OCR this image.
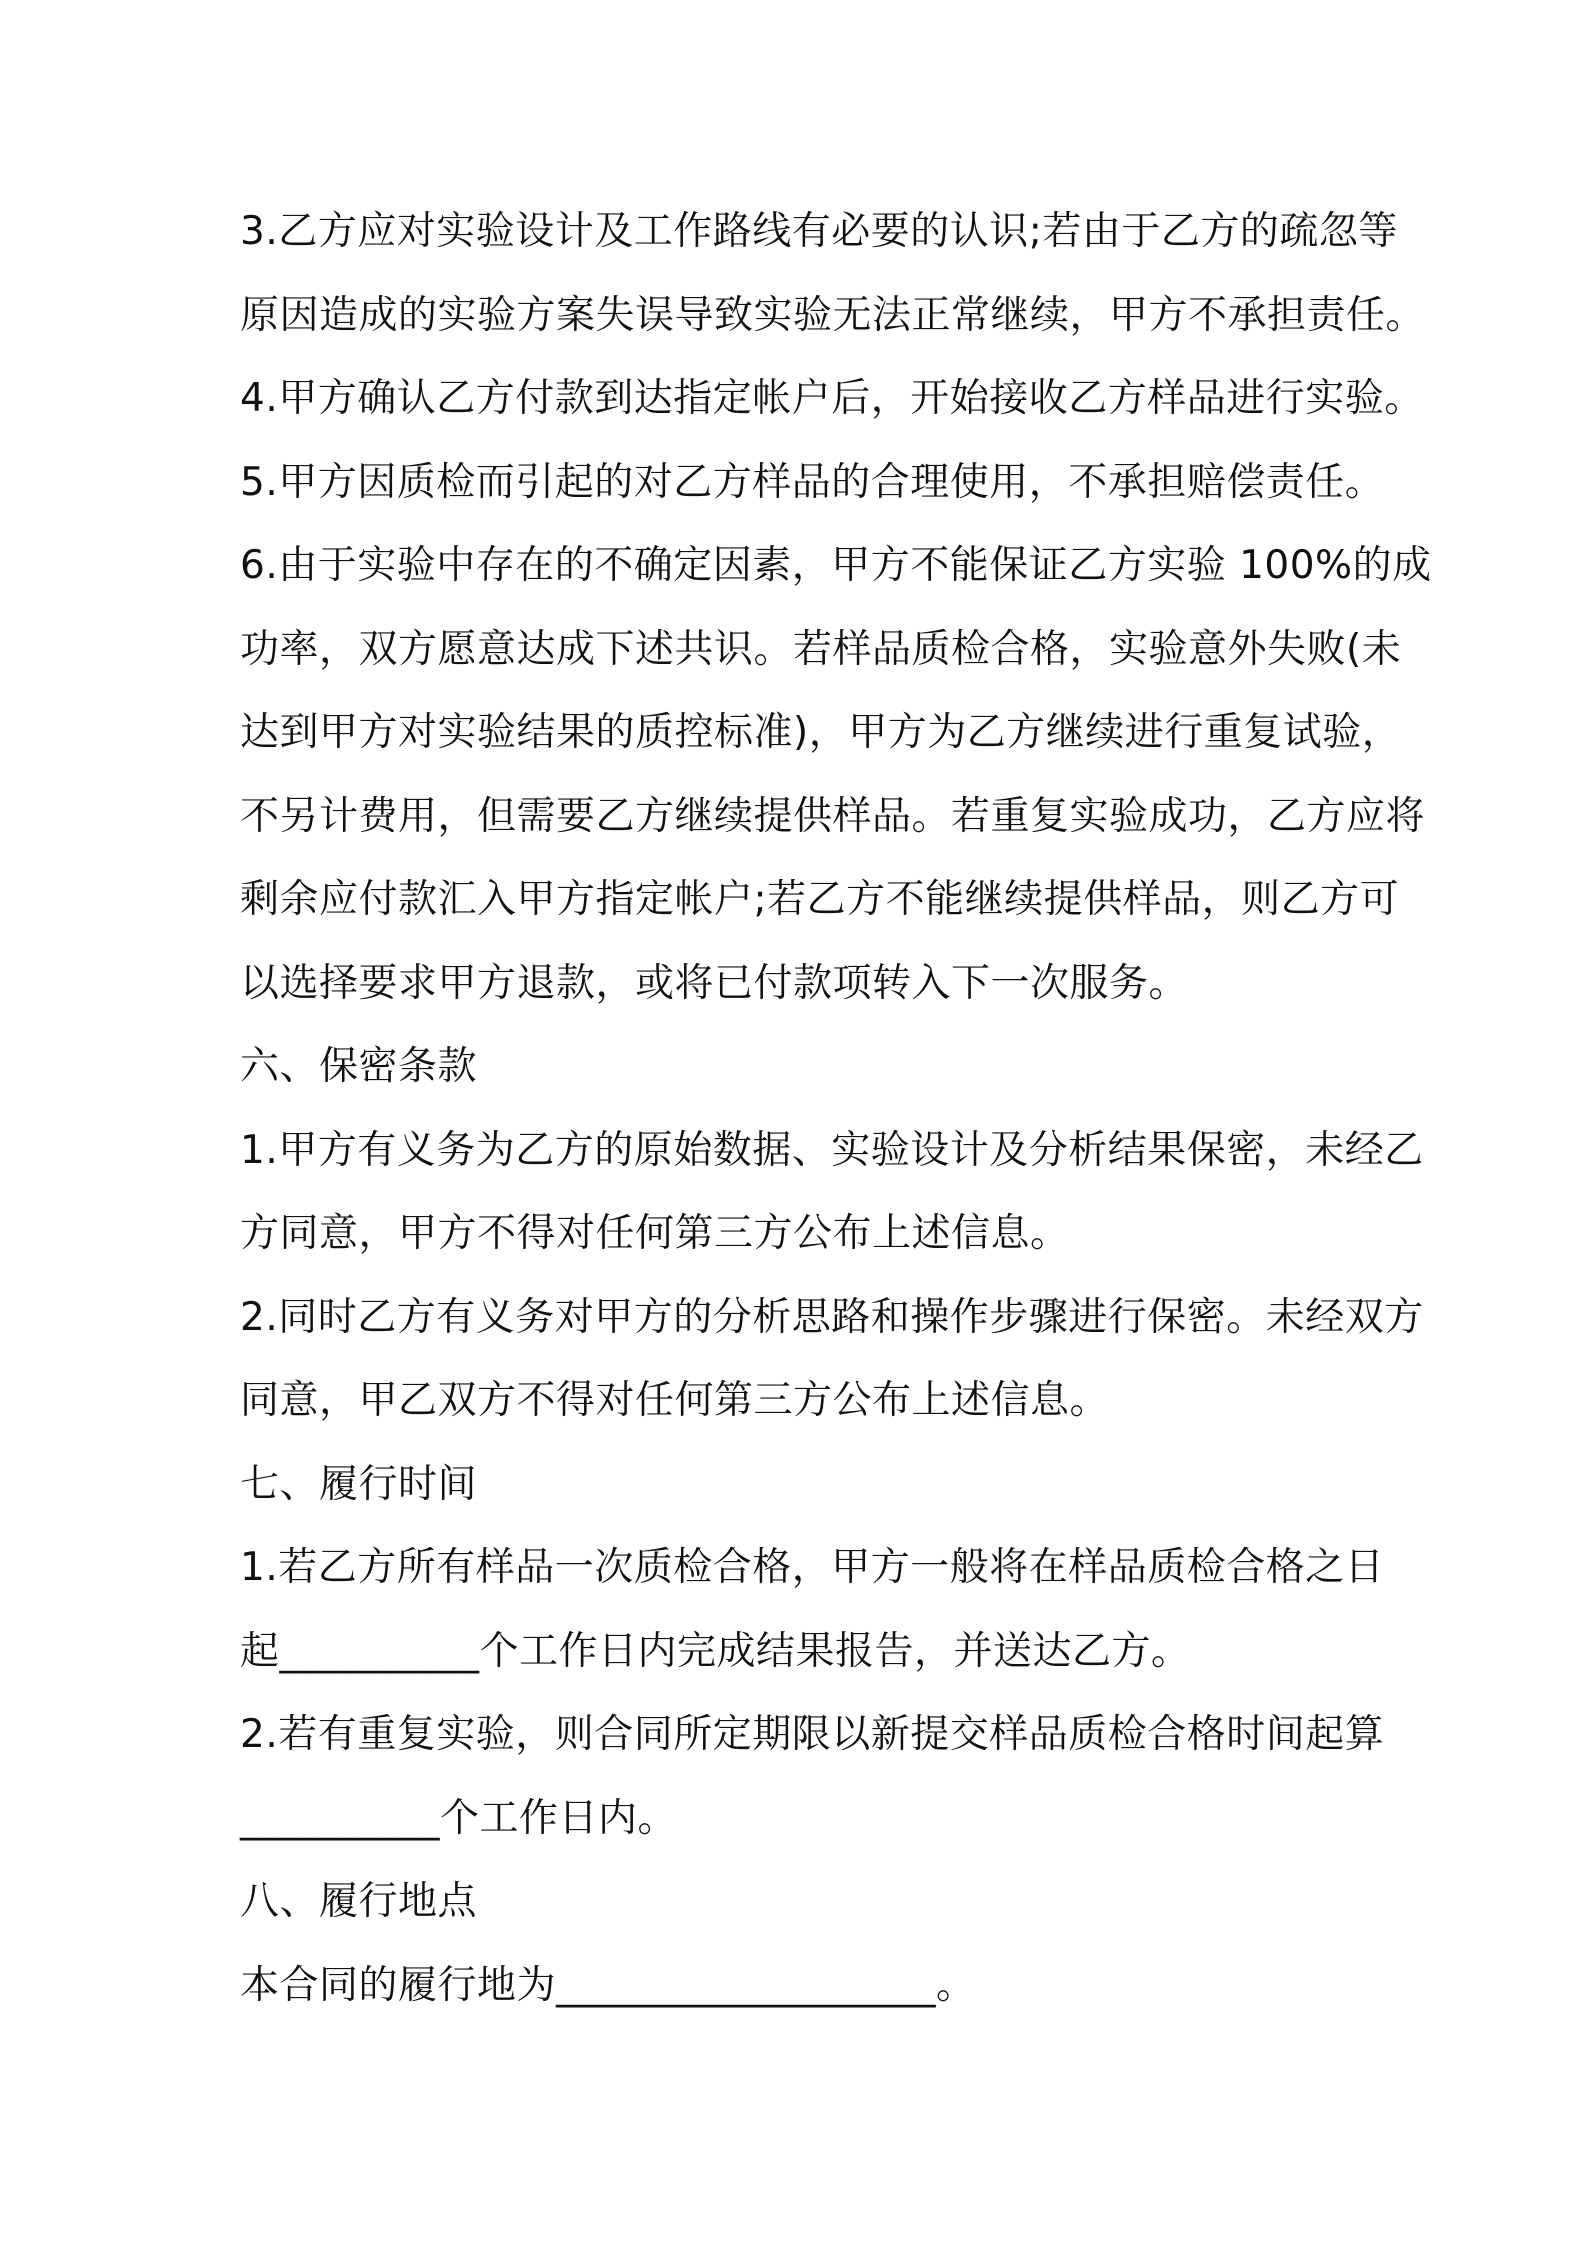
3.乙方应对实验设计及工作路线有必要的认识;若由于乙方的疏忽等
原因造成的实验方案失误导致实验无法正常继续，甲方不承担责任。
4.甲方确认乙方付款到达指定帐户后，开始接收乙方样品进行实验。
5.甲方因质检而引起的对乙方样品的合理使用，不承担赔偿责任。
6.由于实验中存在的不确定因素，甲方不能保证乙方实验 100%的成
功率，双方愿意达成下述共识。若样品质检合格，实验意外失败(未
达到甲方对实验结果的质控标准)，甲方为乙方继续进行重复试验，
不另计费用，但需要乙方继续提供样品。若重复实验成功，乙方应将
剩余应付款汇入甲方指定帐户;若乙方不能继续提供样品，则乙方可
以选择要求甲方退款，或将已付款项转入下一次服务。
六、保密条款
1.甲方有义务为乙方的原始数据、实验设计及分析结果保密，未经乙
方同意，甲方不得对任何第三方公布上述信息。
2.同时乙方有义务对甲方的分析思路和操作步骤进行保密。未经双方
同意，甲乙双方不得对任何第三方公布上述信息。
七、履行时间
1.若乙方所有样品一次质检合格，甲方一般将在样品质检合格之日
起__________个工作日内完成结果报告，并送达乙方。
2.若有重复实验，则合同所定期限以新提交样品质检合格时间起算
__________个工作日内。
八、履行地点
本合同的履行地为___________________。
